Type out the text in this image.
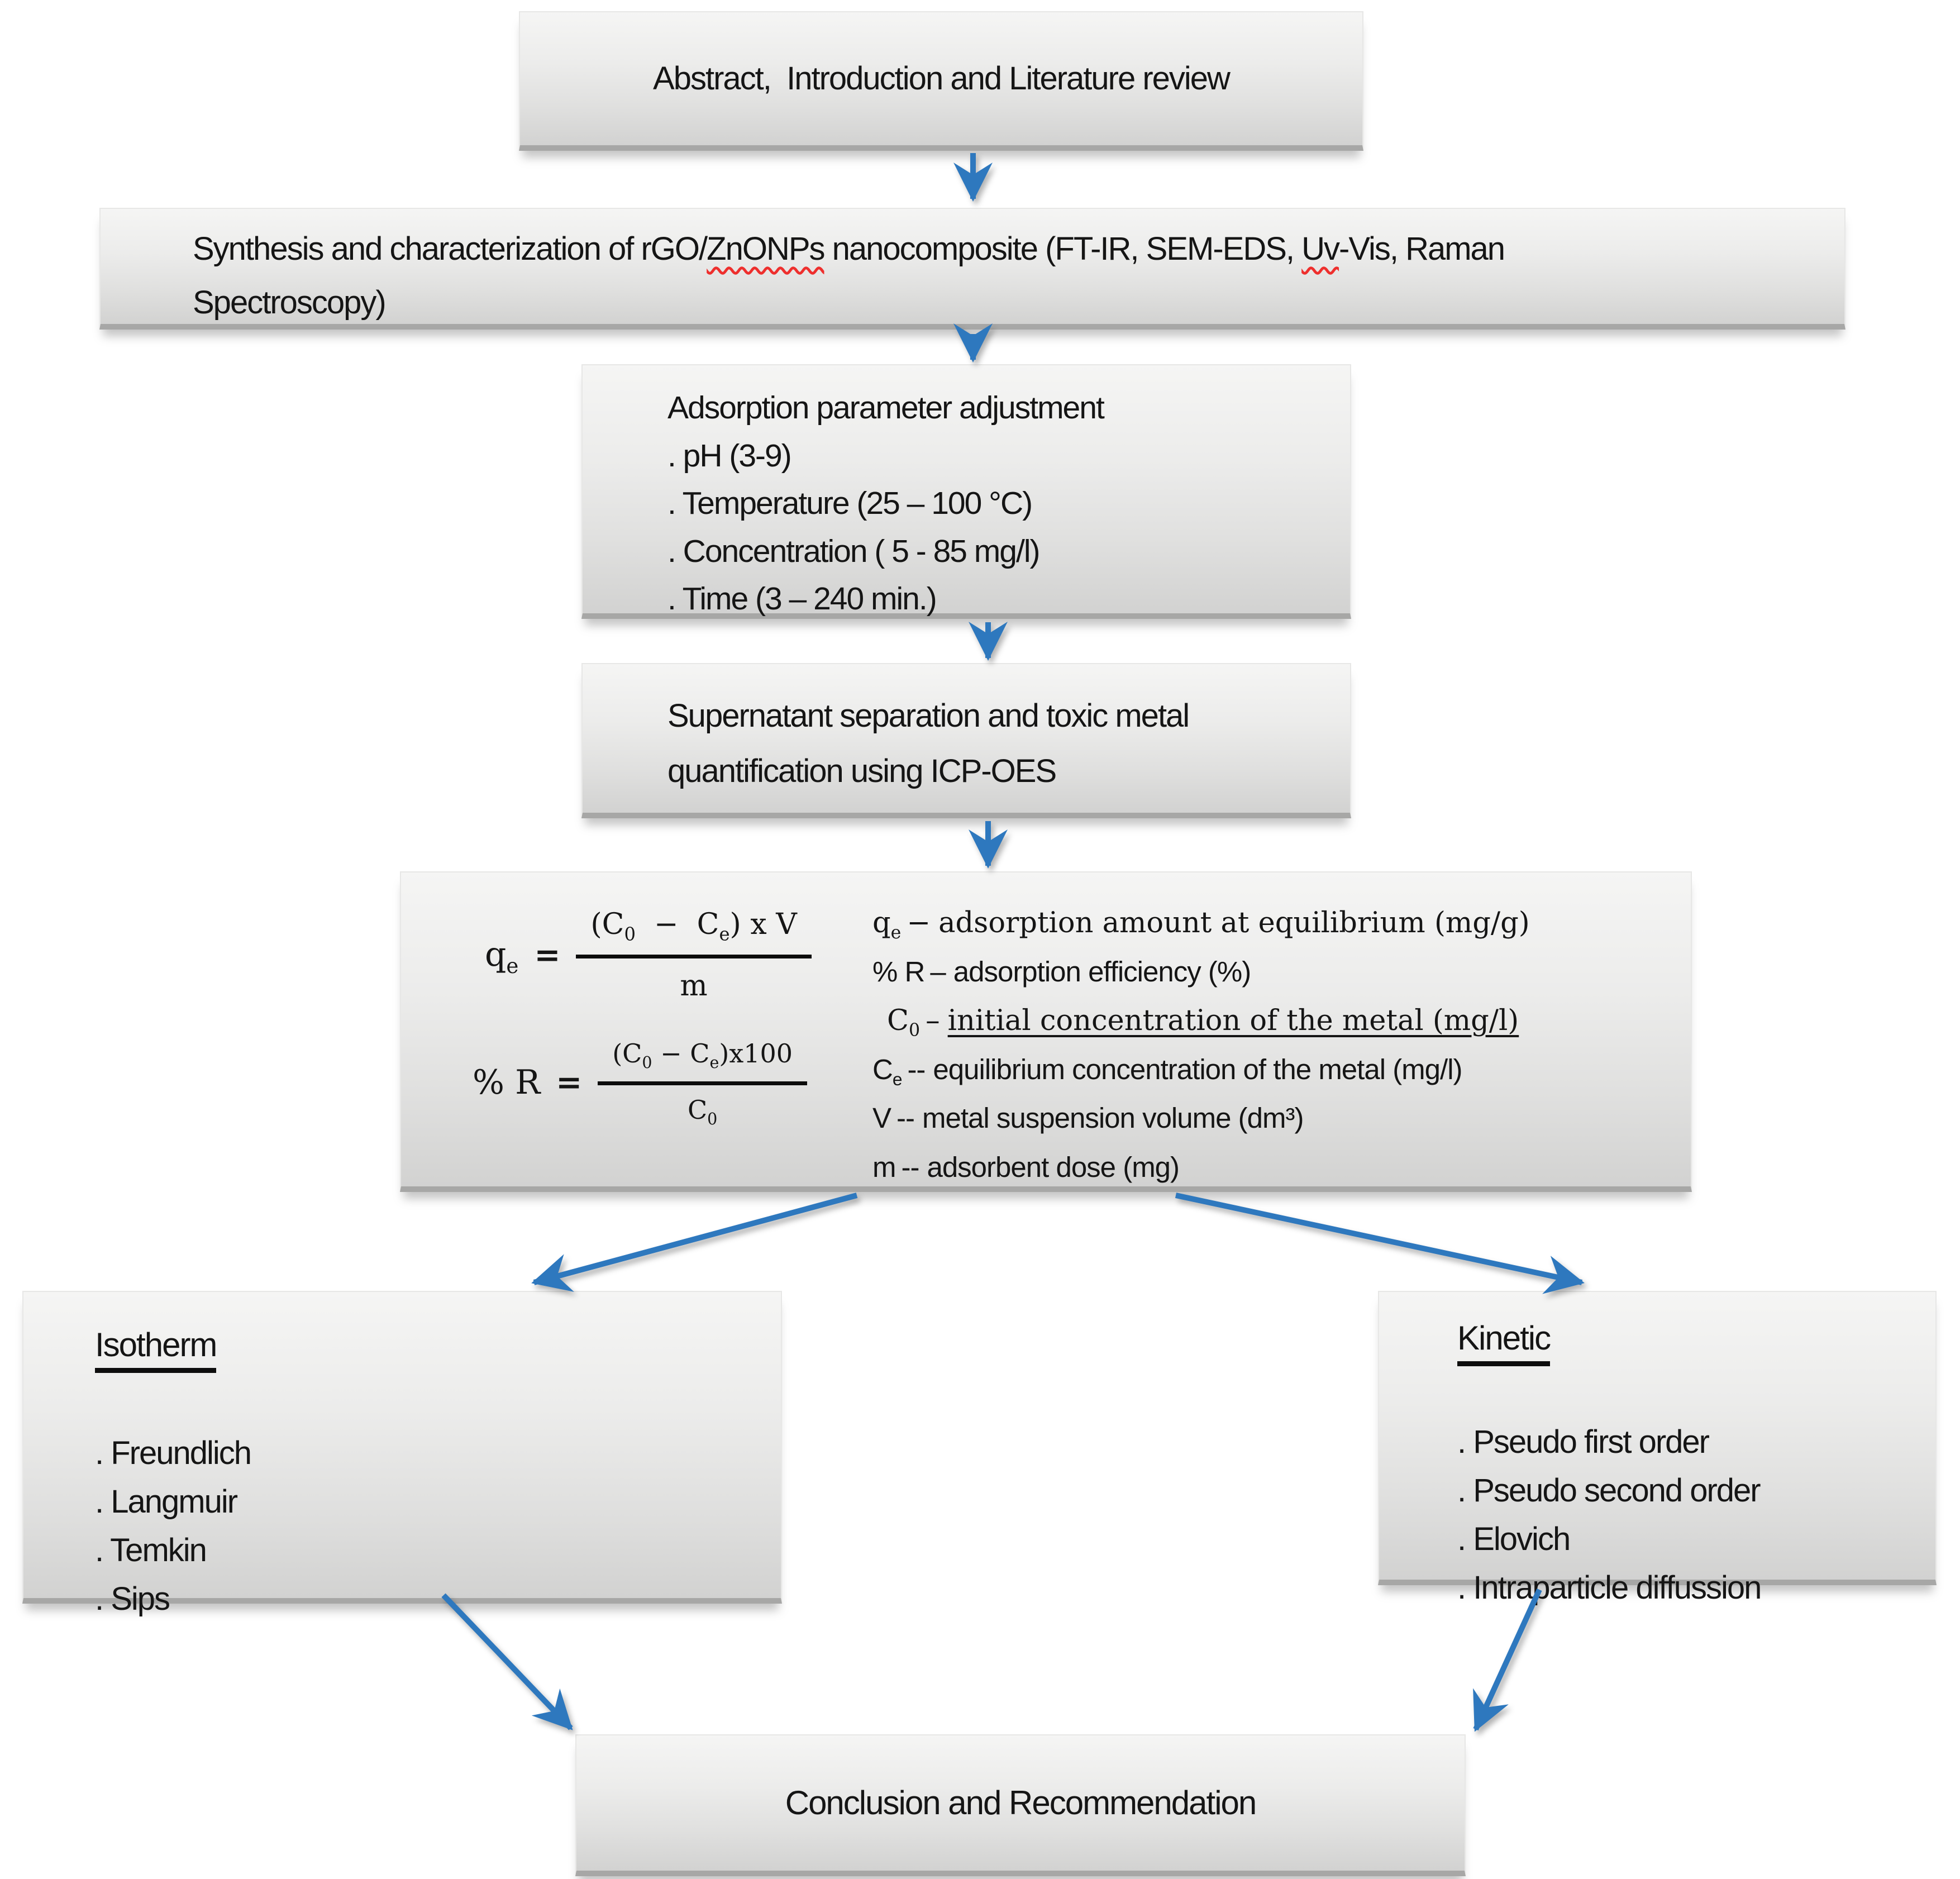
Abstract,  Introduction and Literature review
Synthesis and characterization of rGO/ZnONPs nanocomposite (FT-IR, SEM-EDS, Uv-Vis, Raman
Spectroscopy)
Adsorption parameter adjustment
. pH (3-9)
. Temperature (25 – 100 °C)
. Concentration ( 5 - 85 mg/l)
. Time (3 – 240 min.)
Supernatant separation and toxic metal
quantification using ICP-OES
$q_e = \frac{(C_0 - C_e) x V}{m}$
% $R = \frac{(C_0 - C_e)x100}{C_0}$
$q_e$ − adsorption amount at equilibrium (mg/g)
% R – adsorption efficiency (%)
$C_0$ – initial concentration of the metal (mg/l)
$C_e$ -- equilibrium concentration of the metal (mg/l)
V -- metal suspension volume (dm³)
m -- adsorbent dose (mg)
Isotherm
. Freundlich
. Langmuir
. Temkin
. Sips
Kinetic
. Pseudo first order
. Pseudo second order
. Elovich
. Intraparticle diffussion
Conclusion and Recommendation
